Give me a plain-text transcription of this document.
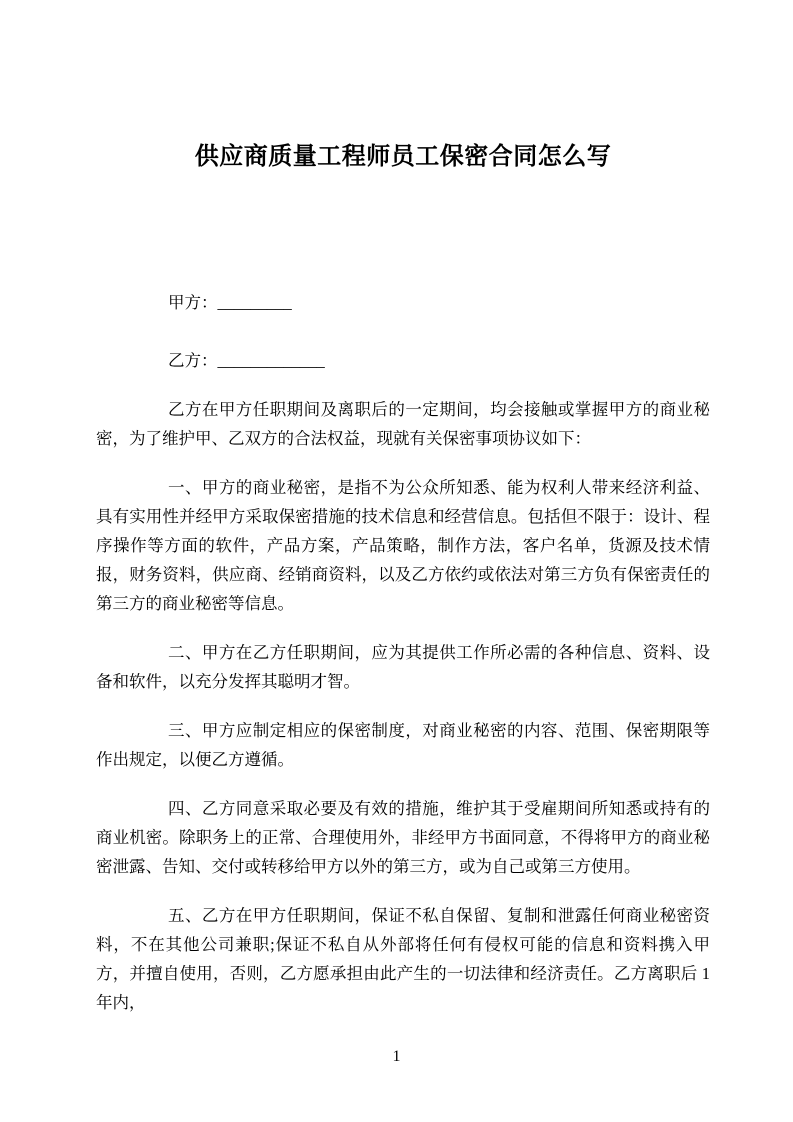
供应商质量工程师员工保密合同怎么写

甲方：_________

乙方：_____________

乙方在甲方任职期间及离职后的一定期间，均会接触或掌握甲方的商业秘密，为了维护甲、乙双方的合法权益，现就有关保密事项协议如下：

一、甲方的商业秘密，是指不为公众所知悉、能为权利人带来经济利益、具有实用性并经甲方采取保密措施的技术信息和经营信息。包括但不限于：设计、程序操作等方面的软件，产品方案，产品策略，制作方法，客户名单，货源及技术情报，财务资料，供应商、经销商资料，以及乙方依约或依法对第三方负有保密责任的第三方的商业秘密等信息。

二、甲方在乙方任职期间，应为其提供工作所必需的各种信息、资料、设备和软件，以充分发挥其聪明才智。

三、甲方应制定相应的保密制度，对商业秘密的内容、范围、保密期限等作出规定，以便乙方遵循。

四、乙方同意采取必要及有效的措施，维护其于受雇期间所知悉或持有的商业机密。除职务上的正常、合理使用外，非经甲方书面同意，不得将甲方的商业秘密泄露、告知、交付或转移给甲方以外的第三方，或为自己或第三方使用。

五、乙方在甲方任职期间，保证不私自保留、复制和泄露任何商业秘密资料，不在其他公司兼职;保证不私自从外部将任何有侵权可能的信息和资料携入甲方，并擅自使用，否则，乙方愿承担由此产生的一切法律和经济责任。乙方离职后 1 年内，

1
